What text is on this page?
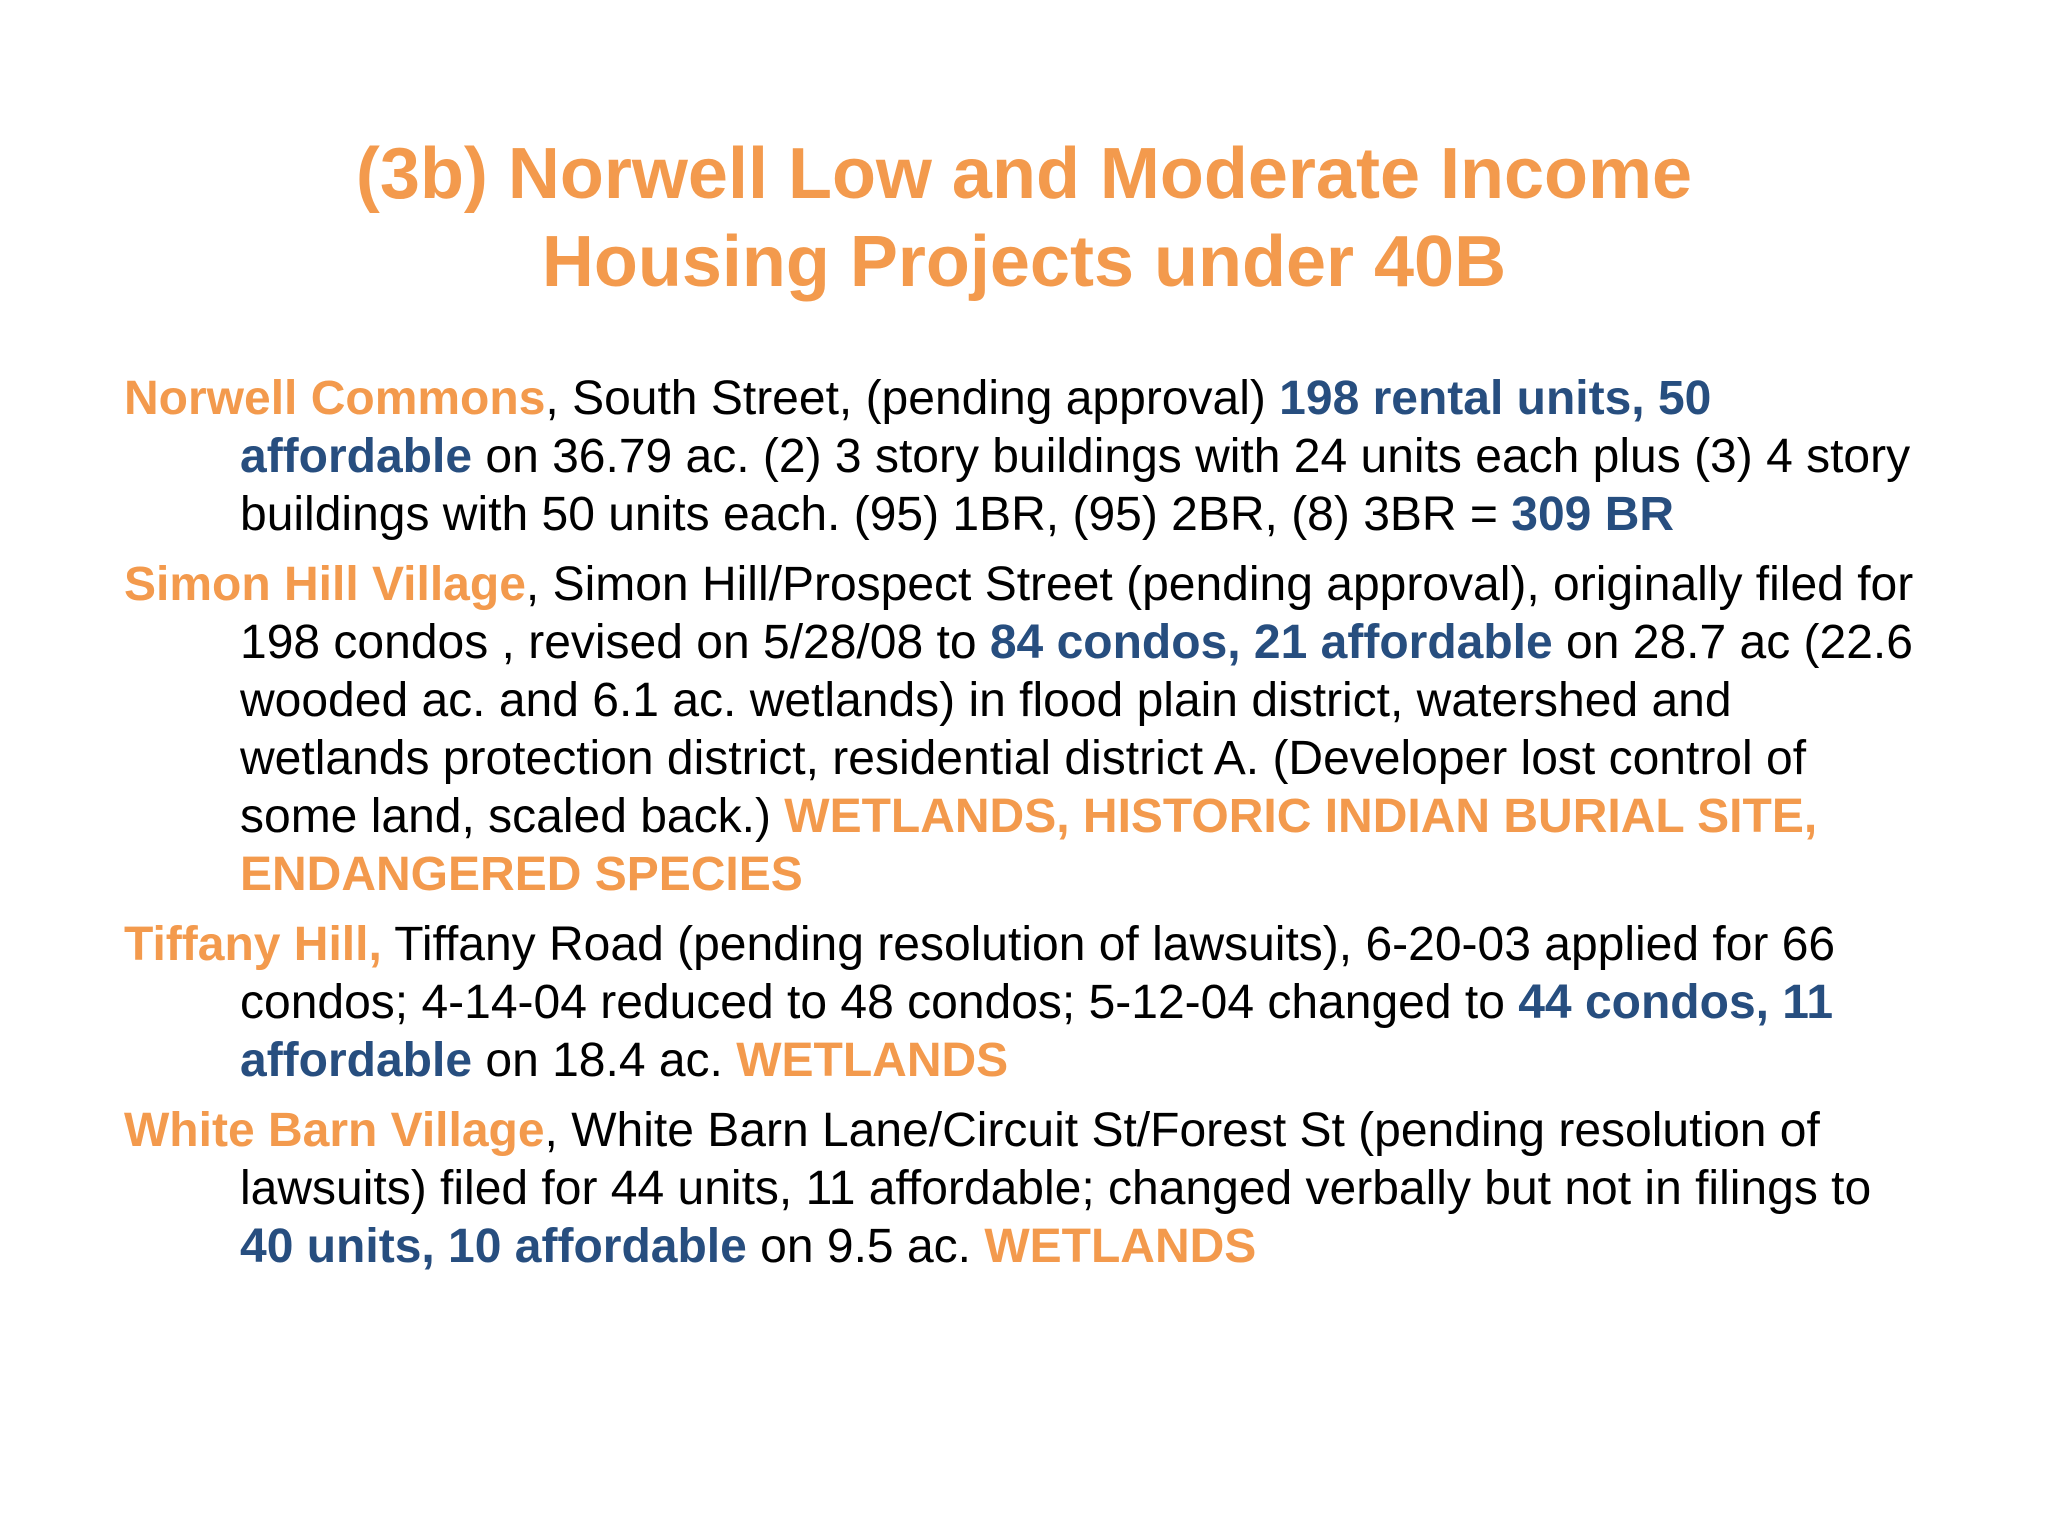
(3b) Norwell Low and Moderate Income
Housing Projects under 40B

Norwell Commons, South Street, (pending approval) 198 rental units, 50 affordable on 36.79 ac. (2) 3 story buildings with 24 units each plus (3) 4 story buildings with 50 units each. (95) 1BR, (95) 2BR, (8) 3BR = 309 BR

Simon Hill Village, Simon Hill/Prospect Street (pending approval), originally filed for 198 condos , revised on 5/28/08 to 84 condos, 21 affordable on 28.7 ac (22.6 wooded ac. and 6.1 ac. wetlands) in flood plain district, watershed and wetlands protection district, residential district A. (Developer lost control of some land, scaled back.) WETLANDS, HISTORIC INDIAN BURIAL SITE, ENDANGERED SPECIES

Tiffany Hill, Tiffany Road (pending resolution of lawsuits), 6-20-03 applied for 66 condos; 4-14-04 reduced to 48 condos; 5-12-04 changed to 44 condos, 11 affordable on 18.4 ac. WETLANDS

White Barn Village, White Barn Lane/Circuit St/Forest St (pending resolution of lawsuits) filed for 44 units, 11 affordable; changed verbally but not in filings to 40 units, 10 affordable on 9.5 ac. WETLANDS
